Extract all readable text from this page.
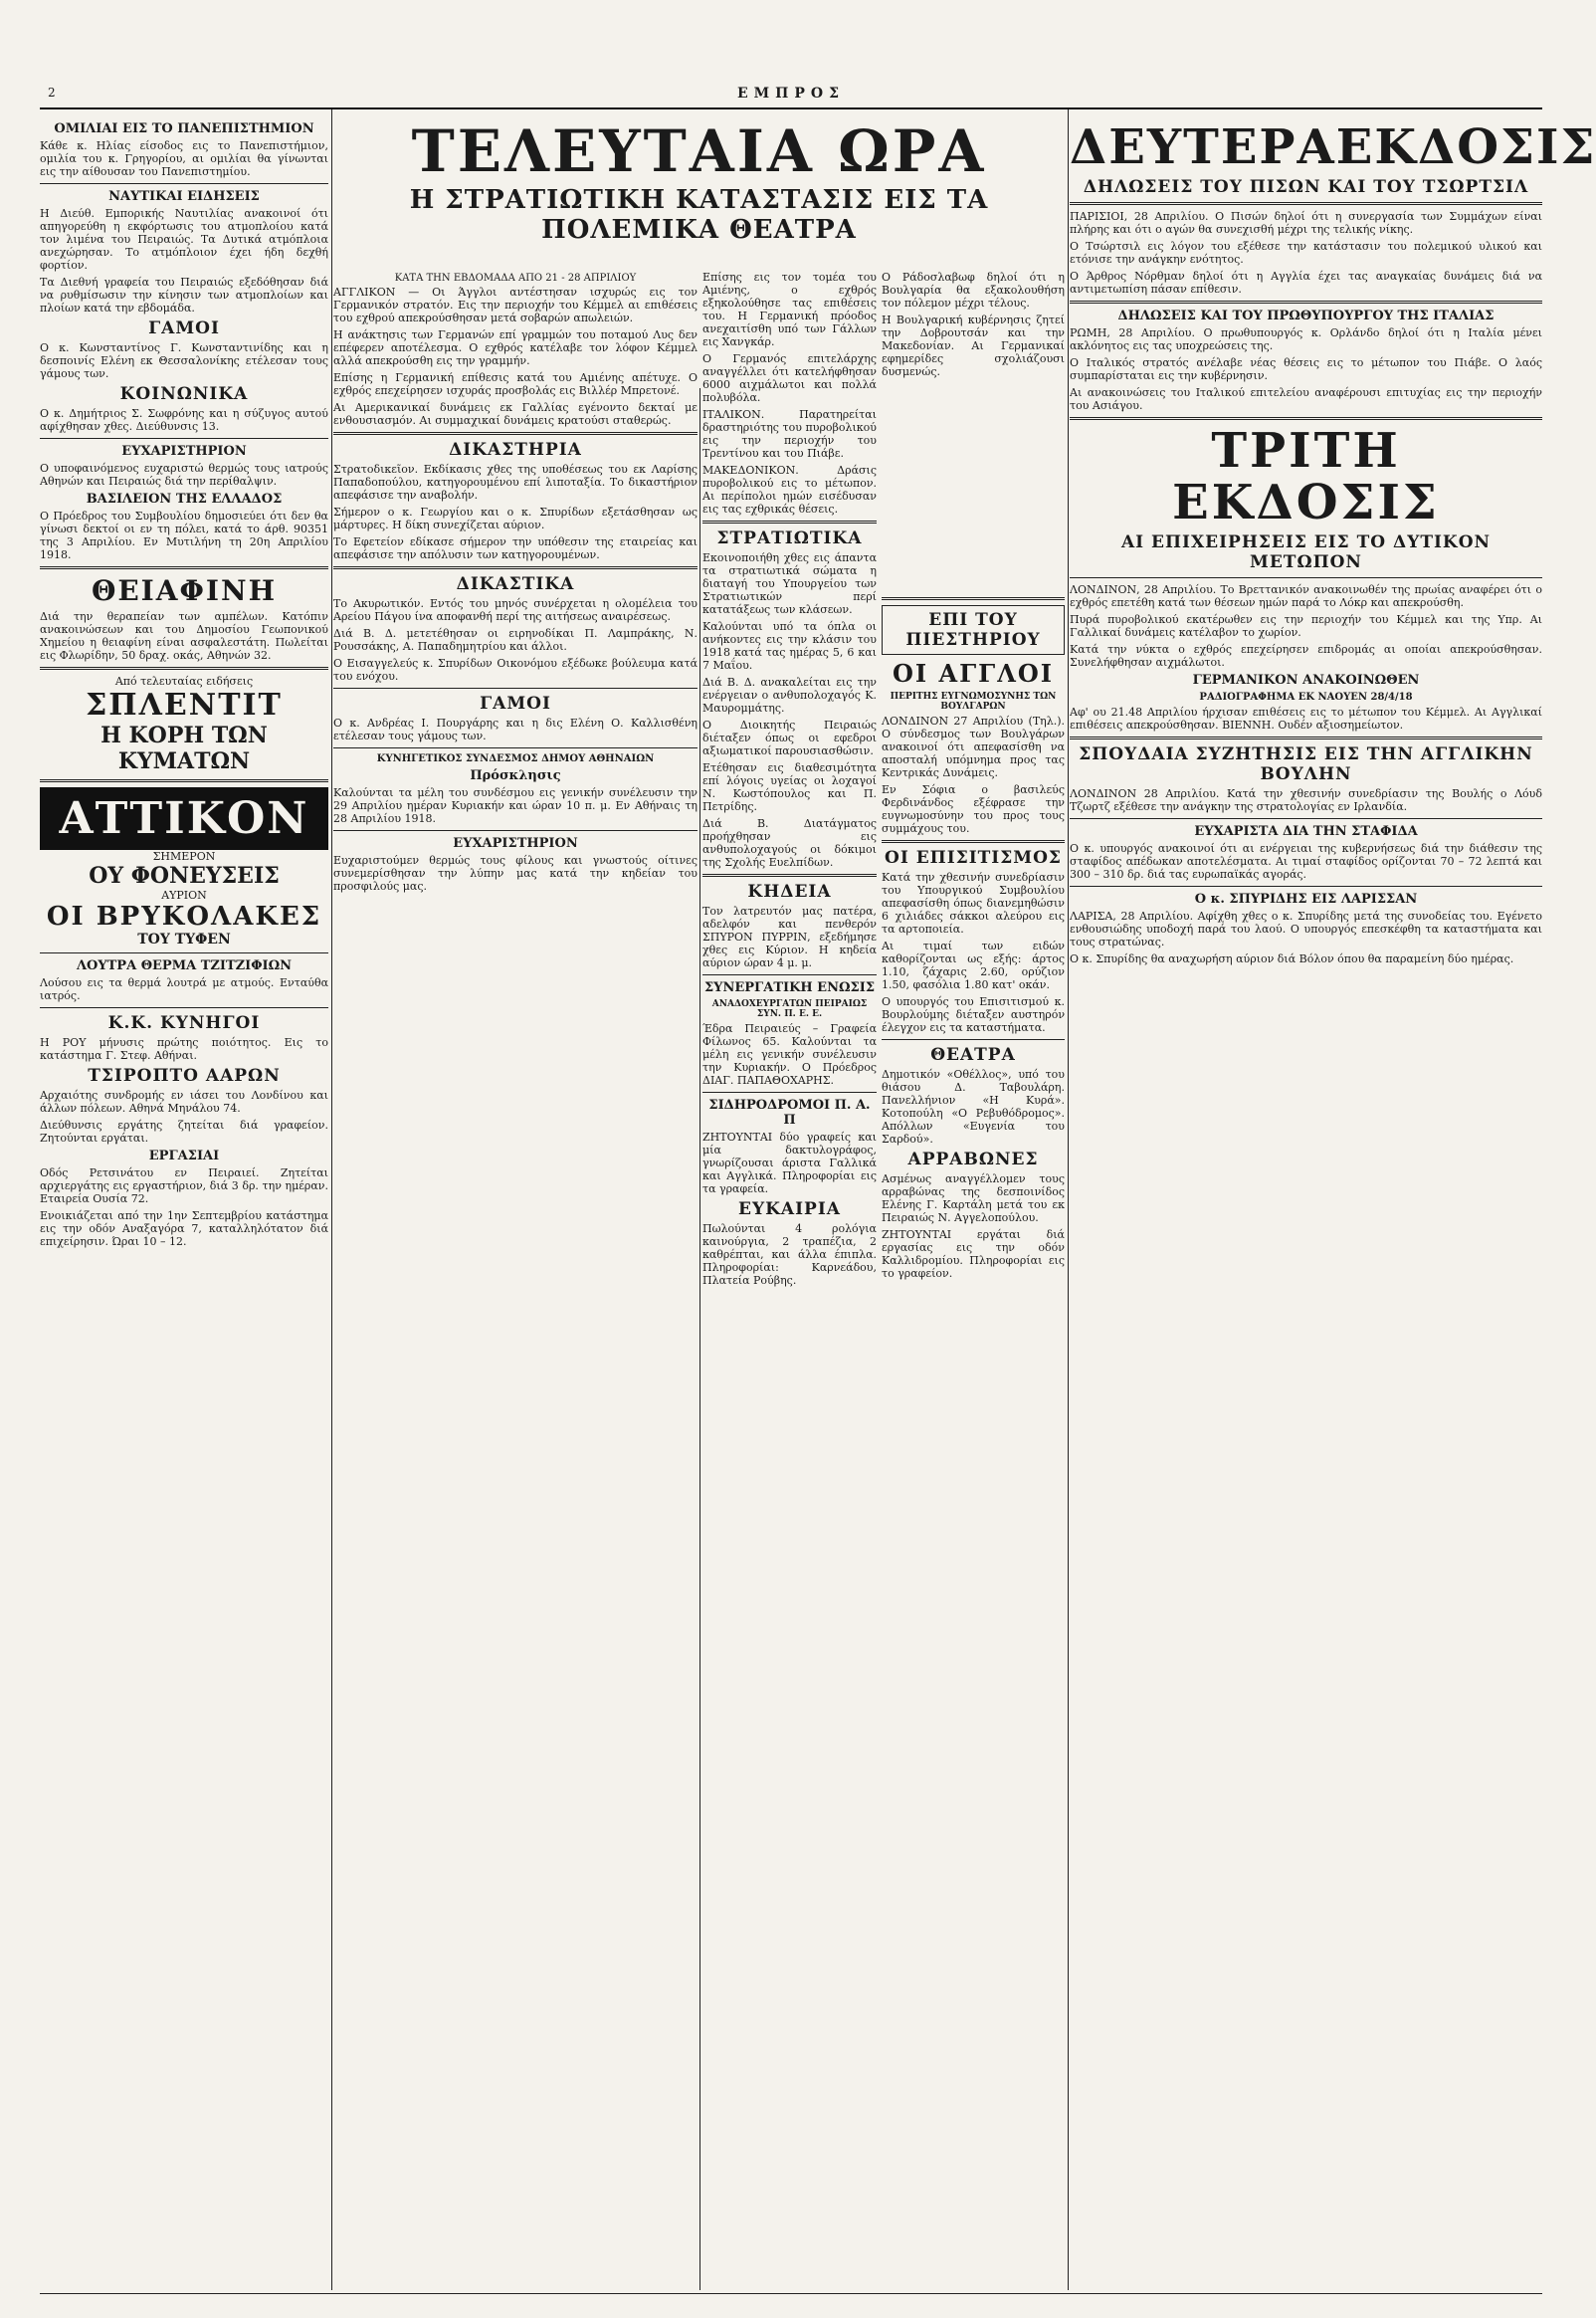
2	ΕΜΠΡΟΣ
ΟΜΙΛΙΑΙ ΕΙΣ ΤΟ ΠΑΝΕΠΙΣΤΗΜΙΟΝ

Κάθε κ. Ηλίας είσοδος εις το Πανεπιστήμιον, ομιλία του κ. Γρηγορίου, αι ομιλίαι θα γίνωνται εις την αίθουσαν του Πανεπιστημίου.

ΝΑΥΤΙΚΑΙ ΕΙΔΗΣΕΙΣ

Η Διεύθ. Εμπορικής Ναυτιλίας ανακοινοί ότι απηγορεύθη η εκφόρτωσις του ατμοπλοίου κατά τον λιμένα του Πειραιώς. Τα Δυτικά ατμόπλοια ανεχώρησαν. Το ατμόπλοιον έχει ήδη δεχθή φορτίον.

Τα Διεθνή γραφεία του Πειραιώς εξεδόθησαν διά να ρυθμίσωσιν την κίνησιν των ατμοπλοίων και πλοίων κατά την εβδομάδα.

ΓΑΜΟΙ

Ο κ. Κωνσταντίνος Γ. Κωνσταντινίδης και η δεσποινίς Ελένη εκ Θεσσαλονίκης ετέλεσαν τους γάμους των.

ΚΟΙΝΩΝΙΚΑ

Ο κ. Δημήτριος Σ. Σωφρόνης και η σύζυγος αυτού αφίχθησαν χθες. Διεύθυνσις 13.

ΕΥΧΑΡΙΣΤΗΡΙΟΝ

Ο υποφαινόμενος ευχαριστώ θερμώς τους ιατρούς Αθηνών και Πειραιώς διά την περίθαλψιν.

ΒΑΣΙΛΕΙΟΝ ΤΗΣ ΕΛΛΑΔΟΣ

Ο Πρόεδρος του Συμβουλίου δημοσιεύει ότι δεν θα γίνωσι δεκτοί οι εν τη πόλει, κατά το άρθ. 90351 της 3 Απριλίου. Εν Μυτιλήνη τη 20η Απριλίου 1918.

ΘΕΙΑΦΙΝΗ

Διά την θεραπείαν των αμπέλων. Κατόπιν ανακοινώσεων και του Δημοσίου Γεωπονικού Χημείου η θειαφίνη είναι ασφαλεστάτη. Πωλείται εις Φλωρίδην, 50 δραχ. οκάς, Αθηνών 32.

Από τελευταίας ειδήσεις
ΣΠΛΕΝΤΙΤ
Η ΚΟΡΗ ΤΩΝ ΚΥΜΑΤΩΝ
ΑΤΤΙΚΟΝ
ΣΗΜΕΡΟΝ
ΟΥ ΦΟΝΕΥΣΕΙΣ
ΑΥΡΙΟΝ
ΟΙ ΒΡΥΚΟΛΑΚΕΣ
ΤΟΥ ΤΥΦΕΝ
ΛΟΥΤΡΑ ΘΕΡΜΑ ΤΖΙΤΖΙΦΙΩΝ

Λούσου εις τα θερμά λουτρά με ατμούς. Ενταύθα ιατρός.

Κ.Κ. ΚΥΝΗΓΟΙ

Η ΡΟΥ μήνυσις πρώτης ποιότητος. Εις το κατάστημα Γ. Στεφ. Αθήναι.

ΤΣΙΡΟΠΤΟ ΑΑΡΩΝ

Αρχαιότης συνδρομής εν ιάσει του Λονδίνου και άλλων πόλεων. Αθηνά Μηνάλου 74.

Διεύθυνσις εργάτης ζητείται διά γραφείον. Ζητούνται εργάται.

ΕΡΓΑΣΙΑΙ

Οδός Ρετσινάτου εν Πειραιεί. Ζητείται αρχιεργάτης εις εργαστήριον, διά 3 δρ. την ημέραν. Εταιρεία Ουσία 72.

Ενοικιάζεται από την 1ην Σεπτεμβρίου κατάστημα εις την οδόν Αναξαγόρα 7, καταλληλότατον διά επιχείρησιν. Ώραι 10 – 12.

ΤΕΛΕΥΤΑΙΑ ΩΡΑ
Η ΣΤΡΑΤΙΩΤΙΚΗ ΚΑΤΑΣΤΑΣΙΣ ΕΙΣ ΤΑ ΠΟΛΕΜΙΚΑ ΘΕΑΤΡΑ
ΚΑΤΑ ΤΗΝ ΕΒΔΟΜΑΔΑ ΑΠΟ 21 - 28 ΑΠΡΙΛΙΟΥ

ΑΓΓΛΙΚΟΝ — Οι Άγγλοι αντέστησαν ισχυρώς εις τον Γερμανικόν στρατόν. Εις την περιοχήν του Κέμμελ αι επιθέσεις του εχθρού απεκρούσθησαν μετά σοβαρών απωλειών.

Η ανάκτησις των Γερμανών επί γραμμών του ποταμού Λυς δεν επέφερεν αποτέλεσμα. Ο εχθρός κατέλαβε τον λόφον Κέμμελ αλλά απεκρούσθη εις την γραμμήν.

Επίσης η Γερμανική επίθεσις κατά του Αμιένης απέτυχε. Ο εχθρός επεχείρησεν ισχυράς προσβολάς εις Βιλλέρ Μπρετονέ.

Αι Αμερικανικαί δυνάμεις εκ Γαλλίας εγένοντο δεκταί με ενθουσιασμόν. Αι συμμαχικαί δυνάμεις κρατούσι σταθερώς.

ΔΙΚΑΣΤΗΡΙΑ

Στρατοδικεῖον. Εκδίκασις χθες της υποθέσεως του εκ Λαρίσης Παπαδοπούλου, κατηγορουμένου επί λιποταξία. Το δικαστήριον απεφάσισε την αναβολήν.

Σήμερον ο κ. Γεωργίου και ο κ. Σπυρίδων εξετάσθησαν ως μάρτυρες. Η δίκη συνεχίζεται αύριον.

Το Εφετείον εδίκασε σήμερον την υπόθεσιν της εταιρείας και απεφάσισε την απόλυσιν των κατηγορουμένων.

ΔΙΚΑΣΤΙΚΑ

Το Ακυρωτικόν. Εντός του μηνός συνέρχεται η ολομέλεια του Αρείου Πάγου ίνα αποφανθή περί της αιτήσεως αναιρέσεως.

Διά Β. Δ. μετετέθησαν οι ειρηνοδίκαι Π. Λαμπράκης, Ν. Ρουσσάκης, Α. Παπαδημητρίου και άλλοι.

Ο Εισαγγελεύς κ. Σπυρίδων Οικονόμου εξέδωκε βούλευμα κατά του ενόχου.

ΓΑΜΟΙ

Ο κ. Ανδρέας Ι. Πουργάρης και η δις Ελένη Ο. Καλλισθένη ετέλεσαν τους γάμους των.

ΚΥΝΗΓΕΤΙΚΟΣ ΣΥΝΔΕΣΜΟΣ ΔΗΜΟΥ ΑΘΗΝΑΙΩΝ
Πρόσκλησις

Καλούνται τα μέλη του συνδέσμου εις γενικήν συνέλευσιν την 29 Απριλίου ημέραν Κυριακήν και ώραν 10 π. μ. Εν Αθήναις τη 28 Απριλίου 1918.

ΕΥΧΑΡΙΣΤΗΡΙΟΝ

Ευχαριστούμεν θερμώς τους φίλους και γνωστούς οίτινες συνεμερίσθησαν την λύπην μας κατά την κηδείαν του προσφιλούς μας.

Επίσης εις τον τομέα του Αμιένης, ο εχθρός εξηκολούθησε τας επιθέσεις του. Η Γερμανική πρόοδος ανεχαιτίσθη υπό των Γάλλων εις Χανγκάρ.

Ο Γερμανός επιτελάρχης αναγγέλλει ότι κατελήφθησαν 6000 αιχμάλωτοι και πολλά πολυβόλα.

ΙΤΑΛΙΚΟΝ. Παρατηρείται δραστηριότης του πυροβολικού εις την περιοχήν του Τρεντίνου και του Πιάβε.

ΜΑΚΕΔΟΝΙΚΟΝ. Δράσις πυροβολικού εις το μέτωπον. Αι περίπολοι ημών εισέδυσαν εις τας εχθρικάς θέσεις.

ΣΤΡΑΤΙΩΤΙΚΑ

Εκοινοποιήθη χθες εις άπαντα τα στρατιωτικά σώματα η διαταγή του Υπουργείου των Στρατιωτικών περί κατατάξεως των κλάσεων.

Καλούνται υπό τα όπλα οι ανήκοντες εις την κλάσιν του 1918 κατά τας ημέρας 5, 6 και 7 Μαΐου.

Διά Β. Δ. ανακαλείται εις την ενέργειαν ο ανθυπολοχαγός Κ. Μαυρομμάτης.

Ο Διοικητής Πειραιώς διέταξεν όπως οι εφεδροι αξιωματικοί παρουσιασθώσιν.

Ετέθησαν εις διαθεσιμότητα επί λόγοις υγείας οι λοχαγοί Ν. Κωστόπουλος και Π. Πετρίδης.

Διά Β. Διατάγματος προήχθησαν εις ανθυπολοχαγούς οι δόκιμοι της Σχολής Ευελπίδων.

ΚΗΔΕΙΑ

Τον λατρευτόν μας πατέρα, αδελφόν και πενθερόν ΣΠΥΡΟΝ ΠΥΡΡΙΝ, εξεδήμησε χθες εις Κύριον. Η κηδεία αύριον ώραν 4 μ. μ.

ΣΥΝΕΡΓΑΤΙΚΗ ΕΝΩΣΙΣ
ΑΝΑΔΟΧΕΥΡΓΑΤΩΝ ΠΕΙΡΑΙΩΣ ΣΥΝ. Π. Ε. Ε.

Έδρα Πειραιεύς – Γραφεία Φίλωνος 65. Καλούνται τα μέλη εις γενικήν συνέλευσιν την Κυριακήν. Ο Πρόεδρος ΔΙΑΓ. ΠΑΠΑΘΟΧΑΡΗΣ.

ΣΙΔΗΡΟΔΡΟΜΟΙ Π. Α. Π

ΖΗΤΟΥΝΤΑΙ δύο γραφείς και μία δακτυλογράφος, γνωρίζουσαι άριστα Γαλλικά και Αγγλικά. Πληροφορίαι εις τα γραφεία.

ΕΥΚΑΙΡΙΑ

Πωλούνται 4 ρολόγια καινούργια, 2 τραπέζια, 2 καθρέπται, και άλλα έπιπλα. Πληροφορίαι: Καρνεάδου, Πλατεία Ρούβης.

Ο Ράδοσλαβωφ δηλοί ότι η Βουλγαρία θα εξακολουθήση τον πόλεμον μέχρι τέλους.

Η Βουλγαρική κυβέρνησις ζητεί την Δοβρουτσάν και την Μακεδονίαν. Αι Γερμανικαί εφημερίδες σχολιάζουσι δυσμενώς.

ΕΠΙ ΤΟΥ ΠΙΕΣΤΗΡΙΟΥ
ΟΙ ΑΓΓΛΟΙ
ΠΕΡΙΤΗΣ ΕΥΓΝΩΜΟΣΥΝΗΣ ΤΩΝ ΒΟΥΛΓΑΡΩΝ

ΛΟΝΔΙΝΟΝ 27 Απριλίου (Τηλ.). Ο σύνδεσμος των Βουλγάρων ανακοινοί ότι απεφασίσθη να αποσταλή υπόμνημα προς τας Κεντρικάς Δυνάμεις.

Εν Σόφια ο βασιλεύς Φερδινάνδος εξέφρασε την ευγνωμοσύνην του προς τους συμμάχους του.

ΟΙ ΕΠΙΣΙΤΙΣΜΟΣ

Κατά την χθεσινήν συνεδρίασιν του Υπουργικού Συμβουλίου απεφασίσθη όπως διανεμηθώσιν 6 χιλιάδες σάκκοι αλεύρου εις τα αρτοποιεία.

Αι τιμαί των ειδών καθορίζονται ως εξής: άρτος 1.10, ζάχαρις 2.60, ορύζιον 1.50, φασόλια 1.80 κατ' οκάν.

Ο υπουργός του Επισιτισμού κ. Βουρλούμης διέταξεν αυστηρόν έλεγχον εις τα καταστήματα.

ΘΕΑΤΡΑ

Δημοτικόν «Οθέλλος», υπό του θιάσου Δ. Ταβουλάρη. Πανελλήνιον «Η Κυρά». Κοτοπούλη «Ο Ρεβυθόδρομος». Απόλλων «Ευγενία του Σαρδού».

ΑΡΡΑΒΩΝΕΣ

Ασμένως αναγγέλλομεν τους αρραβώνας της δεσποινίδος Ελένης Γ. Καρτάλη μετά του εκ Πειραιώς Ν. Αγγελοπούλου.

ΖΗΤΟΥΝΤΑΙ εργάται διά εργασίας εις την οδόν Καλλιδρομίου. Πληροφορίαι εις το γραφείον.

ΔΕΥΤΕΡΑΕΚΔΟΣΙΣ
ΔΗΛΩΣΕΙΣ ΤΟΥ ΠΙΣΩΝ ΚΑΙ ΤΟΥ ΤΣΩΡΤΣΙΛ

ΠΑΡΙΣΙΟΙ, 28 Απριλίου. Ο Πισών δηλοί ότι η συνεργασία των Συμμάχων είναι πλήρης και ότι ο αγών θα συνεχισθή μέχρι της τελικής νίκης.

Ο Τσώρτσιλ εις λόγον του εξέθεσε την κατάστασιν του πολεμικού υλικού και ετόνισε την ανάγκην ενότητος.

Ο Άρθρος Νόρθμαν δηλοί ότι η Αγγλία έχει τας αναγκαίας δυνάμεις διά να αντιμετωπίση πάσαν επίθεσιν.

ΔΗΛΩΣΕΙΣ ΚΑΙ ΤΟΥ ΠΡΩΘΥΠΟΥΡΓΟΥ ΤΗΣ ΙΤΑΛΙΑΣ

ΡΩΜΗ, 28 Απριλίου. Ο πρωθυπουργός κ. Ορλάνδο δηλοί ότι η Ιταλία μένει ακλόνητος εις τας υποχρεώσεις της.

Ο Ιταλικός στρατός ανέλαβε νέας θέσεις εις το μέτωπον του Πιάβε. Ο λαός συμπαρίσταται εις την κυβέρνησιν.

Αι ανακοινώσεις του Ιταλικού επιτελείου αναφέρουσι επιτυχίας εις την περιοχήν του Ασιάγου.

ΤΡΙΤΗ ΕΚΔΟΣΙΣ
ΑΙ ΕΠΙΧΕΙΡΗΣΕΙΣ ΕΙΣ ΤΟ ΔΥΤΙΚΟΝ ΜΕΤΩΠΟΝ

ΛΟΝΔΙΝΟΝ, 28 Απριλίου. Το Βρεττανικόν ανακοινωθέν της πρωίας αναφέρει ότι ο εχθρός επετέθη κατά των θέσεων ημών παρά το Λόκρ και απεκρούσθη.

Πυρά πυροβολικού εκατέρωθεν εις την περιοχήν του Κέμμελ και της Υπρ. Αι Γαλλικαί δυνάμεις κατέλαβον το χωρίον.

Κατά την νύκτα ο εχθρός επεχείρησεν επιδρομάς αι οποίαι απεκρούσθησαν. Συνελήφθησαν αιχμάλωτοι.

ΓΕΡΜΑΝΙΚΟΝ ΑΝΑΚΟΙΝΩΘΕΝ
ΡΑΔΙΟΓΡΑΦΗΜΑ ΕΚ ΝΑΟΥΕΝ 28/4/18

Αφ' ου 21.48 Απριλίου ήρχισαν επιθέσεις εις το μέτωπον του Κέμμελ. Αι Αγγλικαί επιθέσεις απεκρούσθησαν. ΒΙΕΝΝΗ. Ουδέν αξιοσημείωτον.

ΣΠΟΥΔΑΙΑ ΣΥΖΗΤΗΣΙΣ ΕΙΣ ΤΗΝ ΑΓΓΛΙΚΗΝ ΒΟΥΛΗΝ

ΛΟΝΔΙΝΟΝ 28 Απριλίου. Κατά την χθεσινήν συνεδρίασιν της Βουλής ο Λόυδ Τζωρτζ εξέθεσε την ανάγκην της στρατολογίας εν Ιρλανδία.

ΕΥΧΑΡΙΣΤΑ ΔΙΑ ΤΗΝ ΣΤΑΦΙΔΑ

Ο κ. υπουργός ανακοινοί ότι αι ενέργειαι της κυβερνήσεως διά την διάθεσιν της σταφίδος απέδωκαν αποτελέσματα. Αι τιμαί σταφίδος ορίζονται 70 – 72 λεπτά και 300 – 310 δρ. διά τας ευρωπαϊκάς αγοράς.

Ο κ. ΣΠΥΡΙΔΗΣ ΕΙΣ ΛΑΡΙΣΣΑΝ

ΛΑΡΙΣΑ, 28 Απριλίου. Αφίχθη χθες ο κ. Σπυρίδης μετά της συνοδείας του. Εγένετο ενθουσιώδης υποδοχή παρά του λαού. Ο υπουργός επεσκέφθη τα καταστήματα και τους στρατώνας.

Ο κ. Σπυρίδης θα αναχωρήση αύριον διά Βόλον όπου θα παραμείνη δύο ημέρας.
